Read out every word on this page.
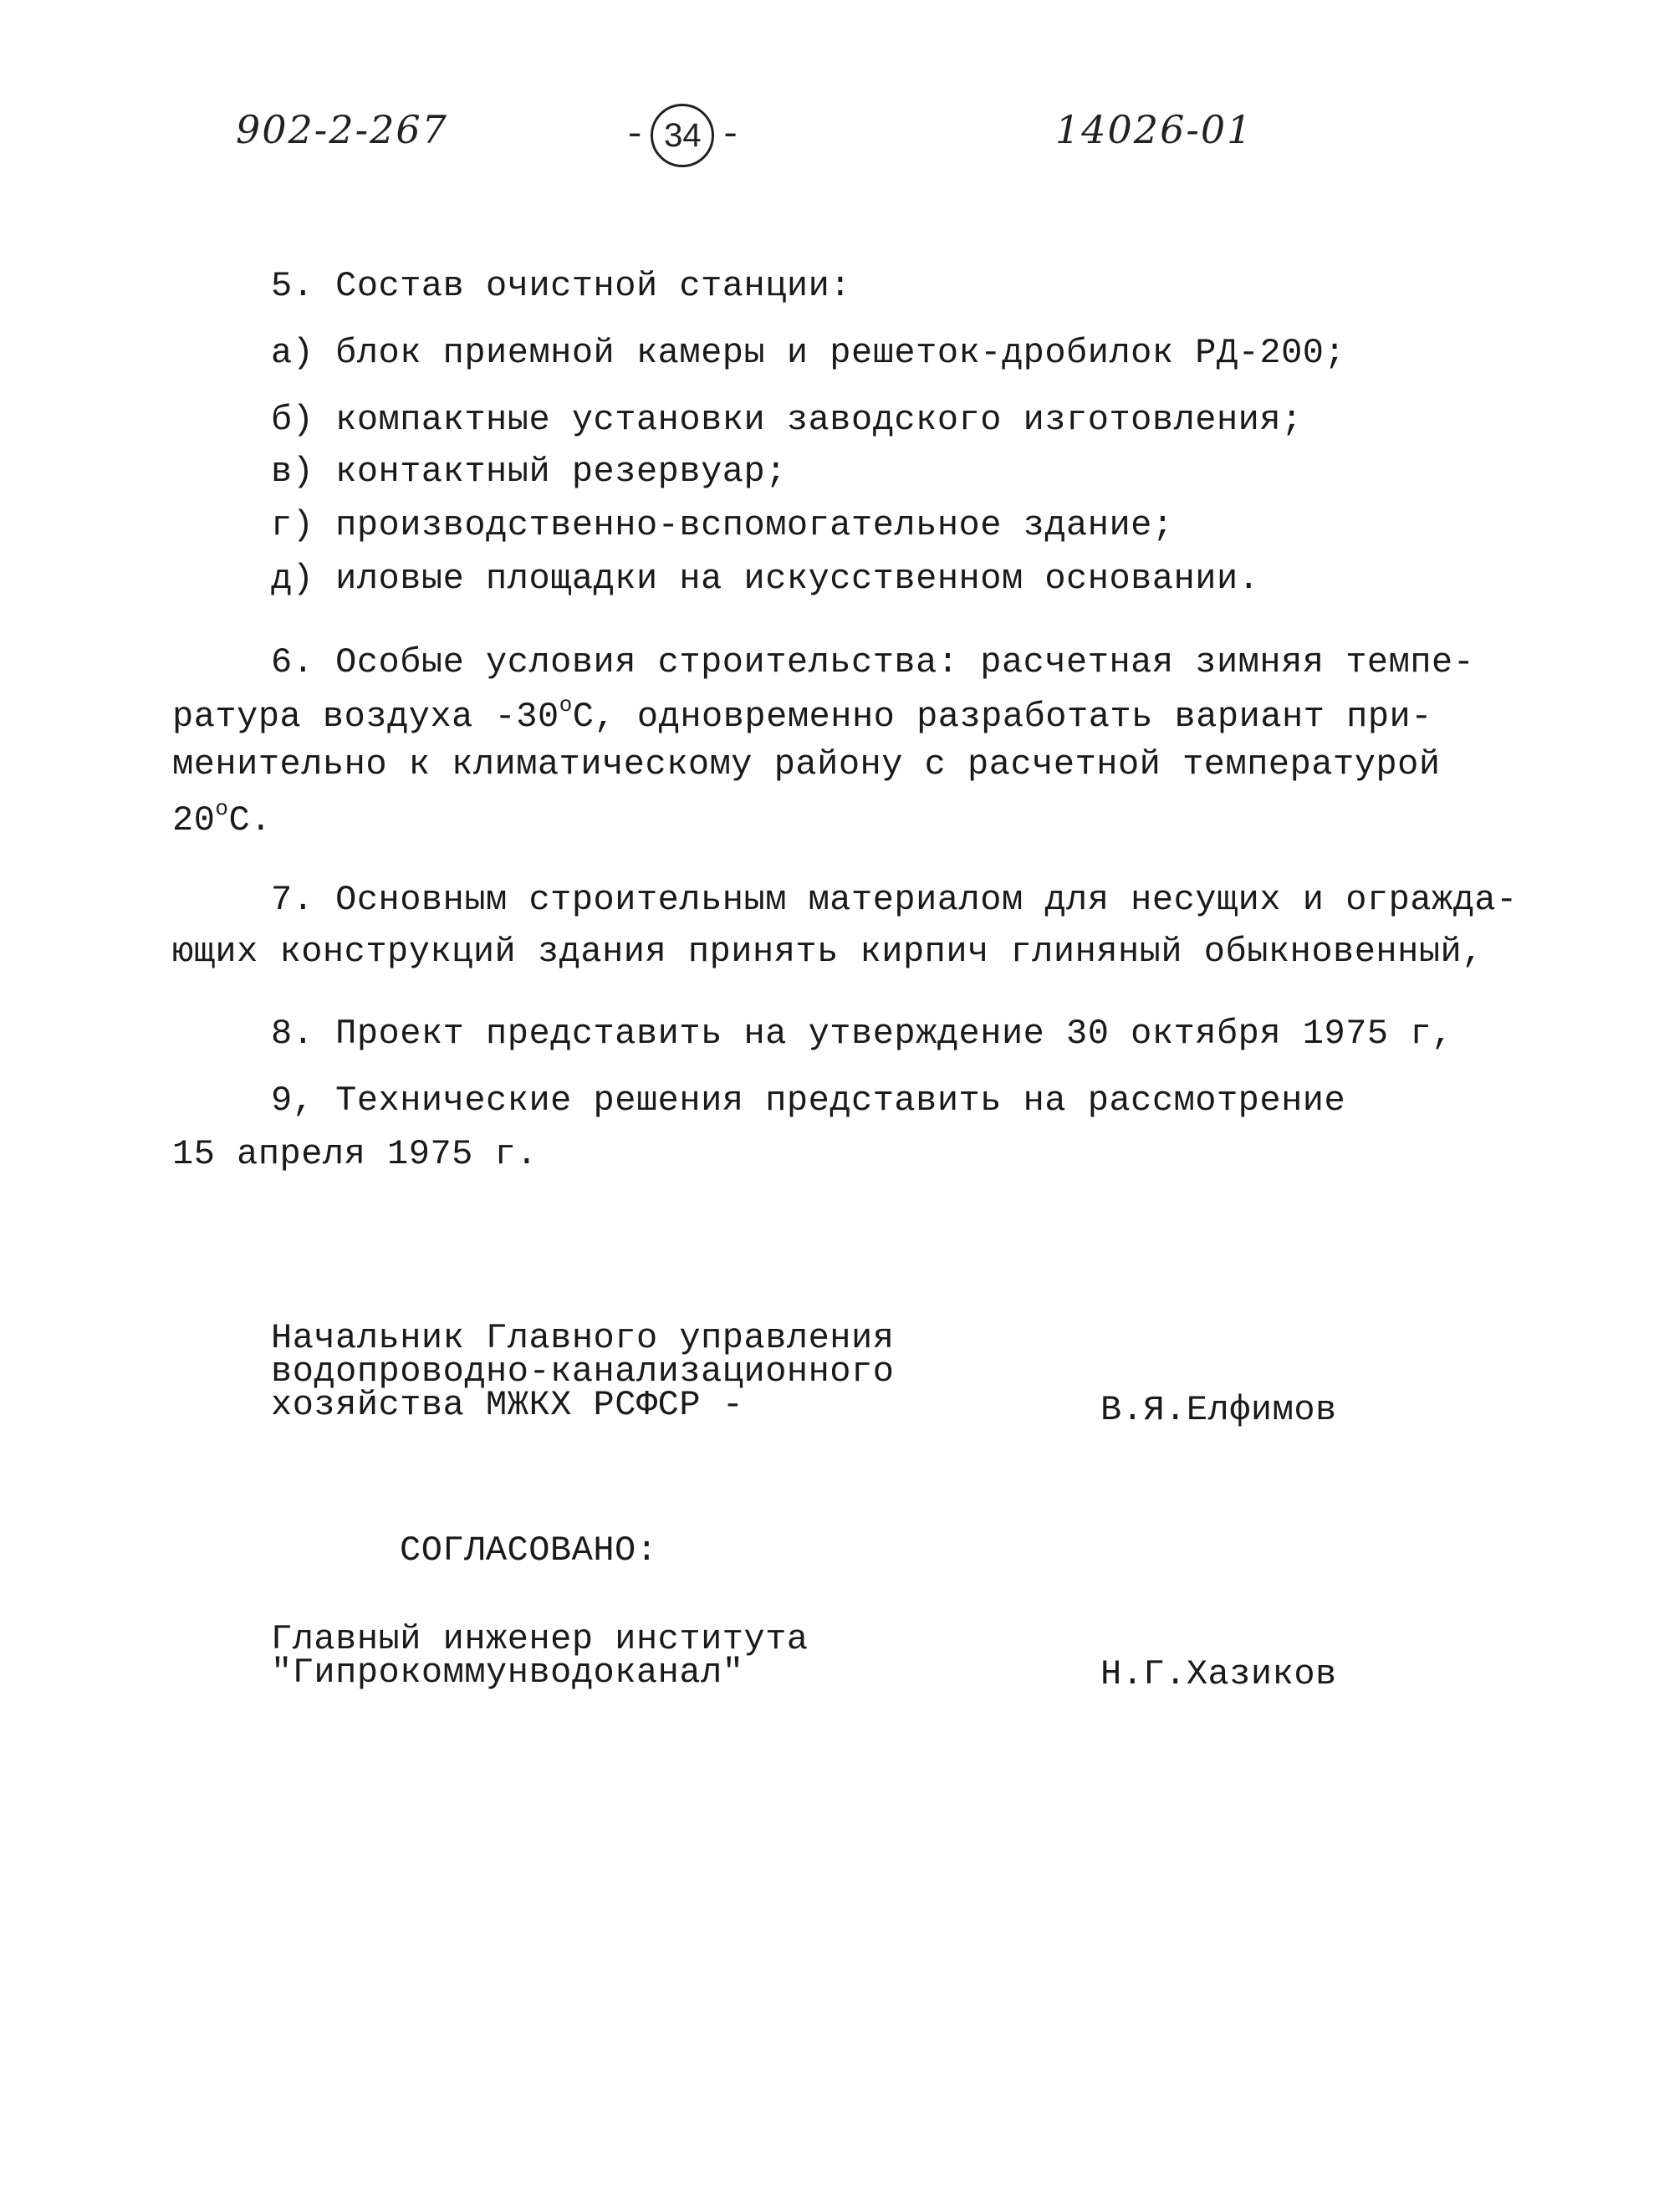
902-2-267	- 34 -	14026-01
5. Состав очистной станции:
а) блок приемной камеры и решеток-дробилок РД-200;
б) компактные установки заводского изготовления;
в) контактный резервуар;
г) производственно-вспомогательное здание;
д) иловые площадки на искусственном основании.
6. Особые условия строительства: расчетная зимняя темпе-
ратура воздуха $-30^оС$, одновременно разработать вариант при-
менительно к климатическому району с расчетной температурой
$20^оС$.
7. Основным строительным материалом для несущих и огражда-
ющих конструкций здания принять кирпич глиняный обыкновенный,
8. Проект представить на утверждение 30 октября 1975 г,
9, Технические решения представить на рассмотрение
15 апреля 1975 г.
Начальник Главного управления
водопроводно-канализационного
хозяйства МЖКХ РСФСР -	В.Я.Елфимов
СОГЛАСОВАНО:
Главный инженер института
"Гипрокоммунводоканал"	Н.Г.Хазиков
